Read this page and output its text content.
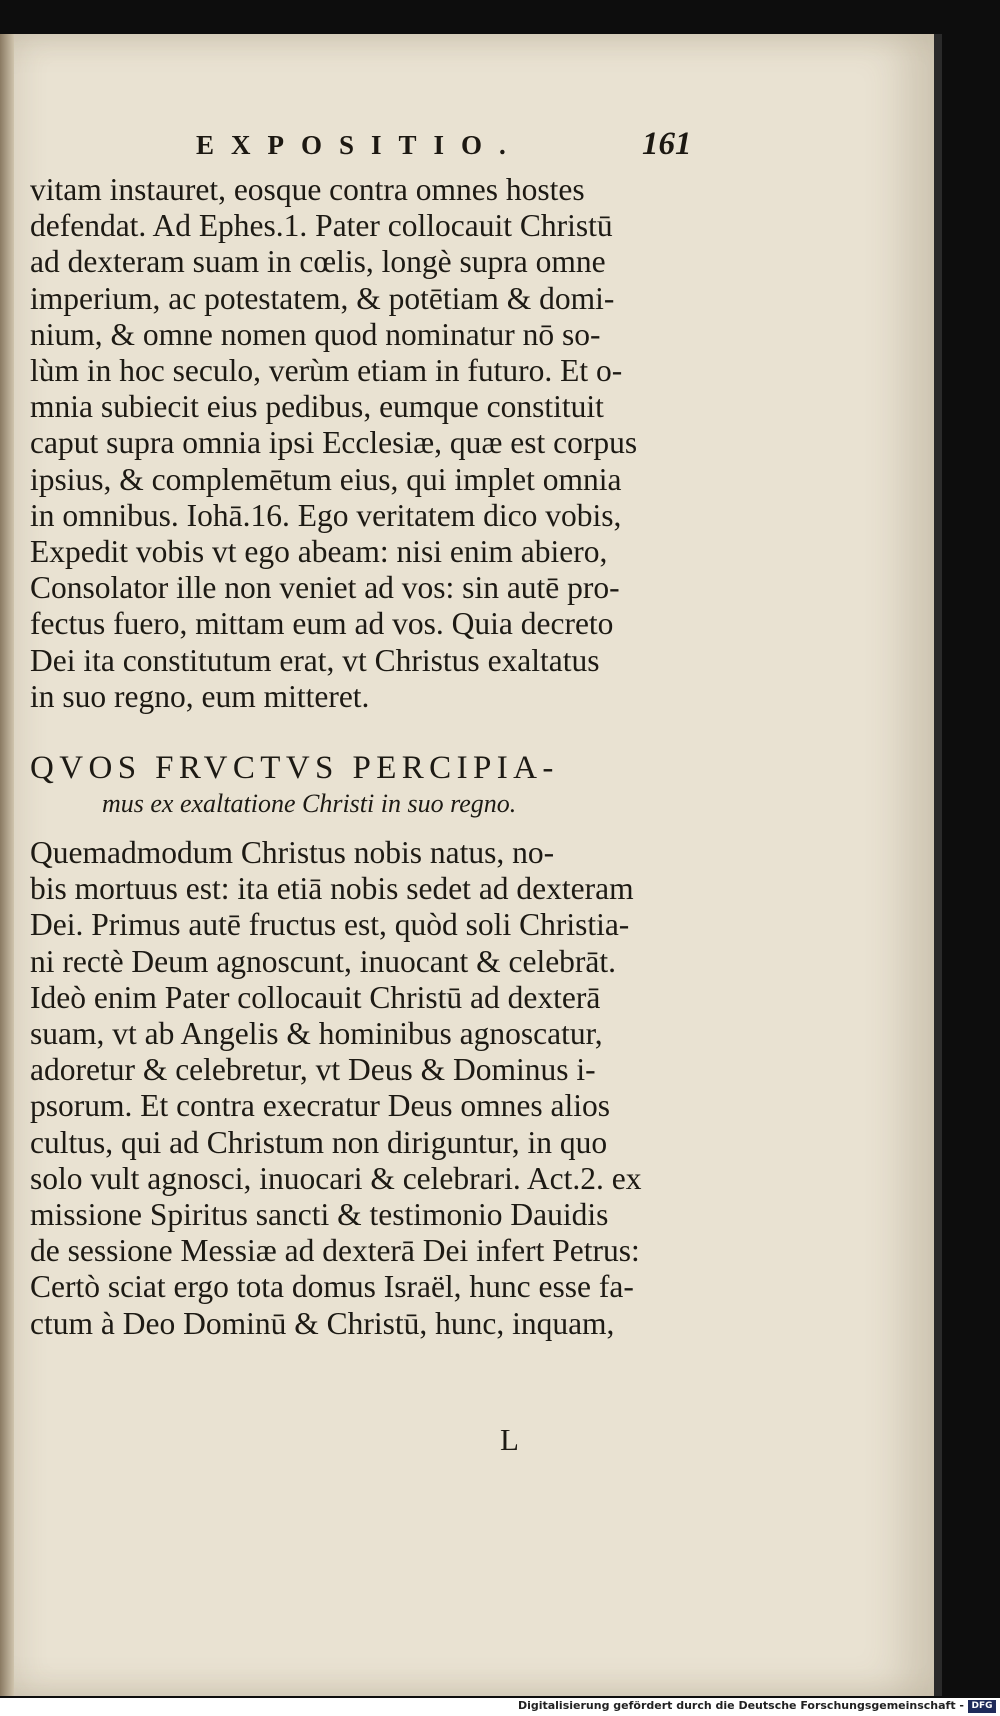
EXPOSITIO.	161
vitam instauret, eosque contra omnes hostes
defendat. Ad Ephes.1. Pater collocauit Christū
ad dexteram suam in cœlis, longè supra omne
imperium, ac potestatem, & potētiam & domi-
nium, & omne nomen quod nominatur nō so-
lùm in hoc seculo, verùm etiam in futuro. Et o-
mnia subiecit eius pedibus, eumque constituit
caput supra omnia ipsi Ecclesiæ, quæ est corpus
ipsius, & complemētum eius, qui implet omnia
in omnibus. Iohā.16. Ego veritatem dico vobis,
Expedit vobis vt ego abeam: nisi enim abiero,
Consolator ille non veniet ad vos: sin autē pro-
fectus fuero, mittam eum ad vos. Quia decreto
Dei ita constitutum erat, vt Christus exaltatus
in suo regno, eum mitteret.
QVOS FRVCTVS PERCIPIA-
mus ex exaltatione Christi in suo regno.
Quemadmodum Christus nobis natus, no-
bis mortuus est: ita etiā nobis sedet ad dexteram
Dei. Primus autē fructus est, quòd soli Christia-
ni rectè Deum agnoscunt, inuocant & celebrāt.
Ideò enim Pater collocauit Christū ad dexterā
suam, vt ab Angelis & hominibus agnoscatur,
adoretur & celebretur, vt Deus & Dominus i-
psorum. Et contra execratur Deus omnes alios
cultus, qui ad Christum non diriguntur, in quo
solo vult agnosci, inuocari & celebrari. Act.2. ex
missione Spiritus sancti & testimonio Dauidis
de sessione Messiæ ad dexterā Dei infert Petrus:
Certò sciat ergo tota domus Israël, hunc esse fa-
ctum à Deo Dominū & Christū, hunc, inquam,
L
Digitalisierung gefördert durch die Deutsche Forschungsgemeinschaft - DFG
